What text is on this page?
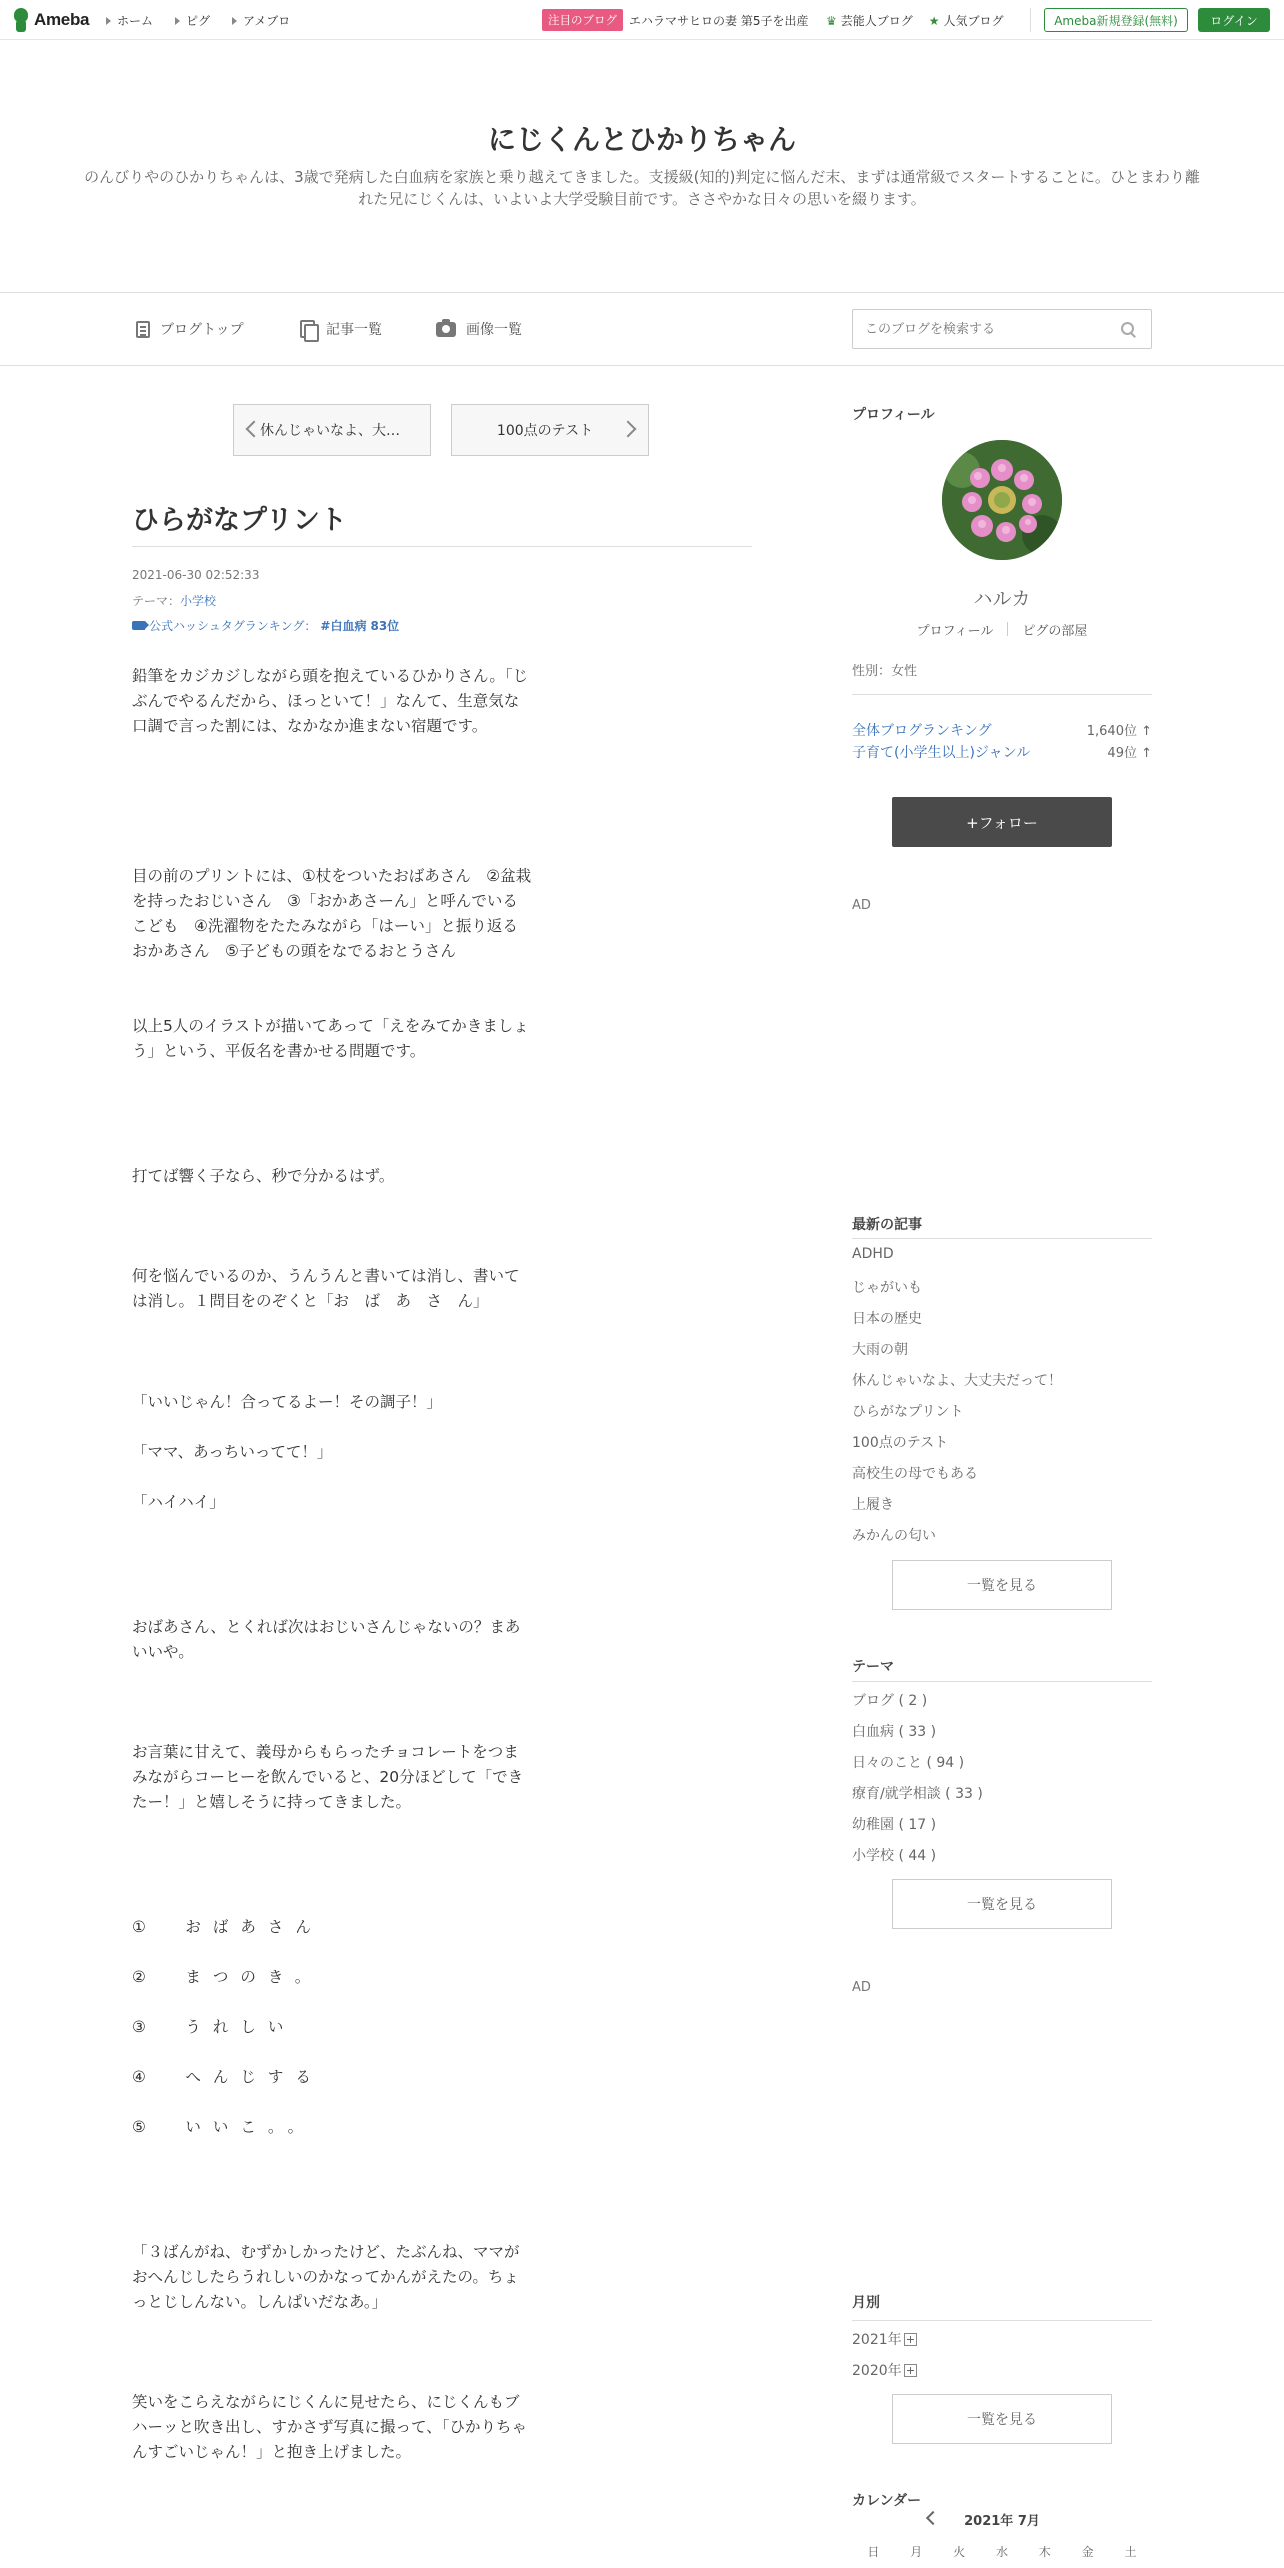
Ameba ホーム	ピグ	アメブロ	注目のブログ	エハラマサヒロの妻 第5子を出産 ♛ 芸能人ブログ ★ 人気ブログ	Ameba新規登録(無料)	ログイン
にじくんとひかりちゃん
のんびりやのひかりちゃんは、3歳で発病した白血病を家族と乗り越えてきました。支援級(知的)判定に悩んだ末、まずは通常級でスタートすることに。ひとまわり離れた兄にじくんは、いよいよ大学受験目前です。ささやかな日々の思いを綴ります。
ブログトップ	記事一覧	画像一覧
このブログを検索する
休んじゃいなよ、大…	100点のテスト
ひらがなプリント
2021-06-30 02:52:33
テーマ：小学校
公式ハッシュタグランキング： #白血病 83位
鉛筆をカジカジしながら頭を抱えているひかりさん。「じぶんでやるんだから、ほっといて！」なんて、生意気な口調で言った割には、なかなか進まない宿題です。
目の前のプリントには、①杖をついたおばあさん　②盆栽を持ったおじいさん　③「おかあさーん」と呼んでいるこども　④洗濯物をたたみながら「はーい」と振り返るおかあさん　⑤子どもの頭をなでるおとうさん
以上5人のイラストが描いてあって「えをみてかきましょう」という、平仮名を書かせる問題です。
打てば響く子なら、秒で分かるはず。
何を悩んでいるのか、うんうんと書いては消し、書いては消し。１問目をのぞくと「お　ば　あ　さ　ん」
「いいじゃん！合ってるよー！その調子！」
「ママ、あっちいってて！」
「ハイハイ」
おばあさん、とくれば次はおじいさんじゃないの？まあいいや。
お言葉に甘えて、義母からもらったチョコレートをつまみながらコーヒーを飲んでいると、20分ほどして「できたー！」と嬉しそうに持ってきました。
①　おばあさん
②　まつのき。
③　うれしい
④　へんじする
⑤　いいこ。。
「３ばんがね、むずかしかったけど、たぶんね、ママがおへんじしたらうれしいのかなってかんがえたの。ちょっとじしんない。しんぱいだなあ。」
笑いをこらえながらにじくんに見せたら、にじくんもブハーッと吹き出し、すかさず写真に撮って、「ひかりちゃんすごいじゃん！」と抱き上げました。
プロフィール
ハルカ
プロフィール ピグの部屋
性別：女性
全体ブログランキング	1,640位 ↑
子育て(小学生以上)ジャンル	49位 ↑
+フォロー
AD
最新の記事
ADHD
じゃがいも
日本の歴史
大雨の朝
休んじゃいなよ、大丈夫だって！
ひらがなプリント
100点のテスト
高校生の母でもある
上履き
みかんの匂い
一覧を見る
テーマ
ブログ ( 2 )
白血病 ( 33 )
日々のこと ( 94 )
療育/就学相談 ( 33 )
幼稚園 ( 17 )
小学校 ( 44 )
一覧を見る
AD
月別
2021年
2020年
一覧を見る
カレンダー
2021年 7月
日	月	火	水	木	金	土
